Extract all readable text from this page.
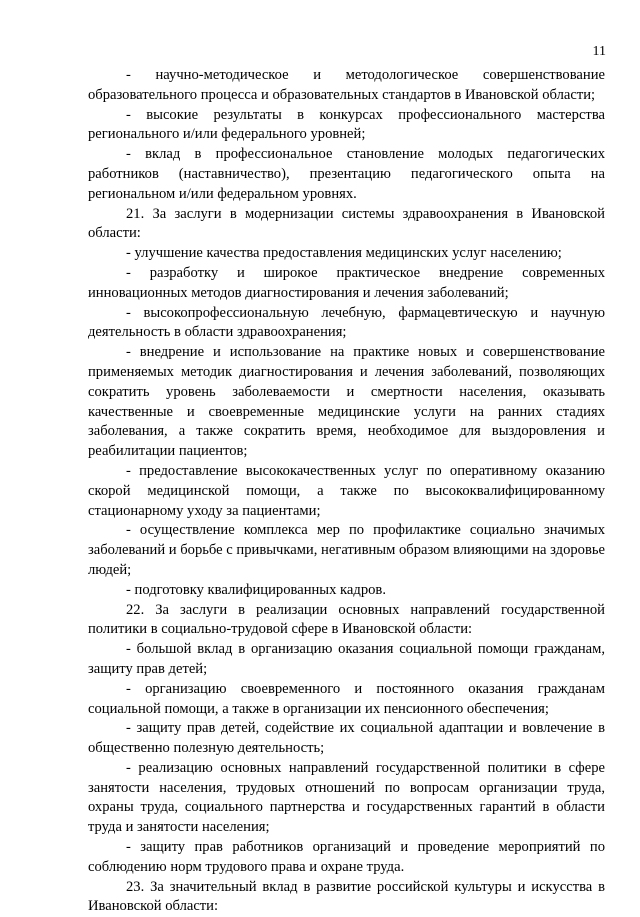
11

- научно-методическое и методологическое совершенствование образовательного процесса и образовательных стандартов в Ивановской области;

- высокие результаты в конкурсах профессионального мастерства регионального и/или федерального уровней;

- вклад в профессиональное становление молодых педагогических работников (наставничество), презентацию педагогического опыта на региональном и/или федеральном уровнях.

21. За заслуги в модернизации системы здравоохранения в Ивановской области:

- улучшение качества предоставления медицинских услуг населению;

- разработку и широкое практическое внедрение современных инновационных методов диагностирования и лечения заболеваний;

- высокопрофессиональную лечебную, фармацевтическую и научную деятельность в области здравоохранения;

- внедрение и использование на практике новых и совершенствование применяемых методик диагностирования и лечения заболеваний, позволяющих сократить уровень заболеваемости и смертности населения, оказывать качественные и своевременные медицинские услуги на ранних стадиях заболевания, а также сократить время, необходимое для выздоровления и реабилитации пациентов;

- предоставление высококачественных услуг по оперативному оказанию скорой медицинской помощи, а также по высококвалифицированному стационарному уходу за пациентами;

- осуществление комплекса мер по профилактике социально значимых заболеваний и борьбе с привычками, негативным образом влияющими на здоровье людей;

- подготовку квалифицированных кадров.

22. За заслуги в реализации основных направлений государственной политики в социально-трудовой сфере в Ивановской области:

- большой вклад в организацию оказания социальной помощи гражданам, защиту прав детей;

- организацию своевременного и постоянного оказания гражданам социальной помощи, а также в организации их пенсионного обеспечения;

- защиту прав детей, содействие их социальной адаптации и вовлечение в общественно полезную деятельность;

- реализацию основных направлений государственной политики в сфере занятости населения, трудовых отношений по вопросам организации труда, охраны труда, социального партнерства и государственных гарантий в области труда и занятости населения;

- защиту прав работников организаций и проведение мероприятий по соблюдению норм трудового права и охране труда.

23. За значительный вклад в развитие российской культуры и искусства в Ивановской области:
